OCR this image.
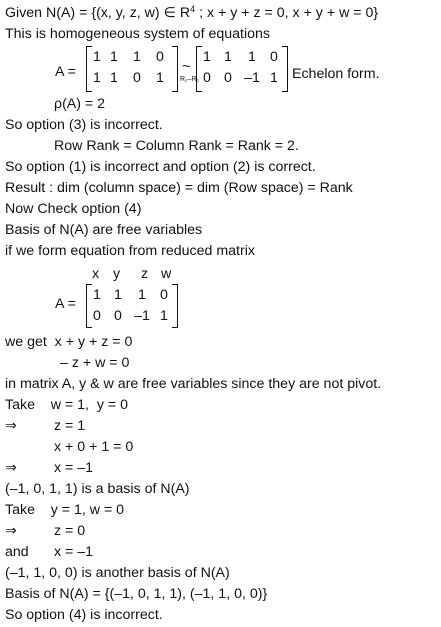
Given N(A) = {(x, y, z, w) ∈ $R^4$ ; x + y + z = 0, x + y + w = 0}
This is homogeneous system of equations
A =
1 1	1	0
1 1	0	1
~
R₂–R₁
1 1	1 0
0 0 –1 1 Echelon form.
ρ(A) = 2
So option (3) is incorrect.
Row Rank = Column Rank = Rank = 2.
So option (1) is incorrect and option (2) is correct.
Result : dim (column space) = dim (Row space) = Rank
Now Check option (4)
Basis of N(A) are free variables
if we form equation from reduced matrix
x y z w
A =
1 1	1 0
0 0 –1 1
we get  x + y + z = 0
– z + w = 0
in matrix A, y & w are free variables since they are not pivot.
Take    w = 1,  y = 0
⇒	z = 1
x + 0 + 1 = 0
⇒	x = –1
(–1, 0, 1, 1) is a basis of N(A)
Take    y = 1, w = 0
⇒	z = 0
and x = –1
(–1, 1, 0, 0) is another basis of N(A)
Basis of N(A) = {(–1, 0, 1, 1), (–1, 1, 0, 0)}
So option (4) is incorrect.
